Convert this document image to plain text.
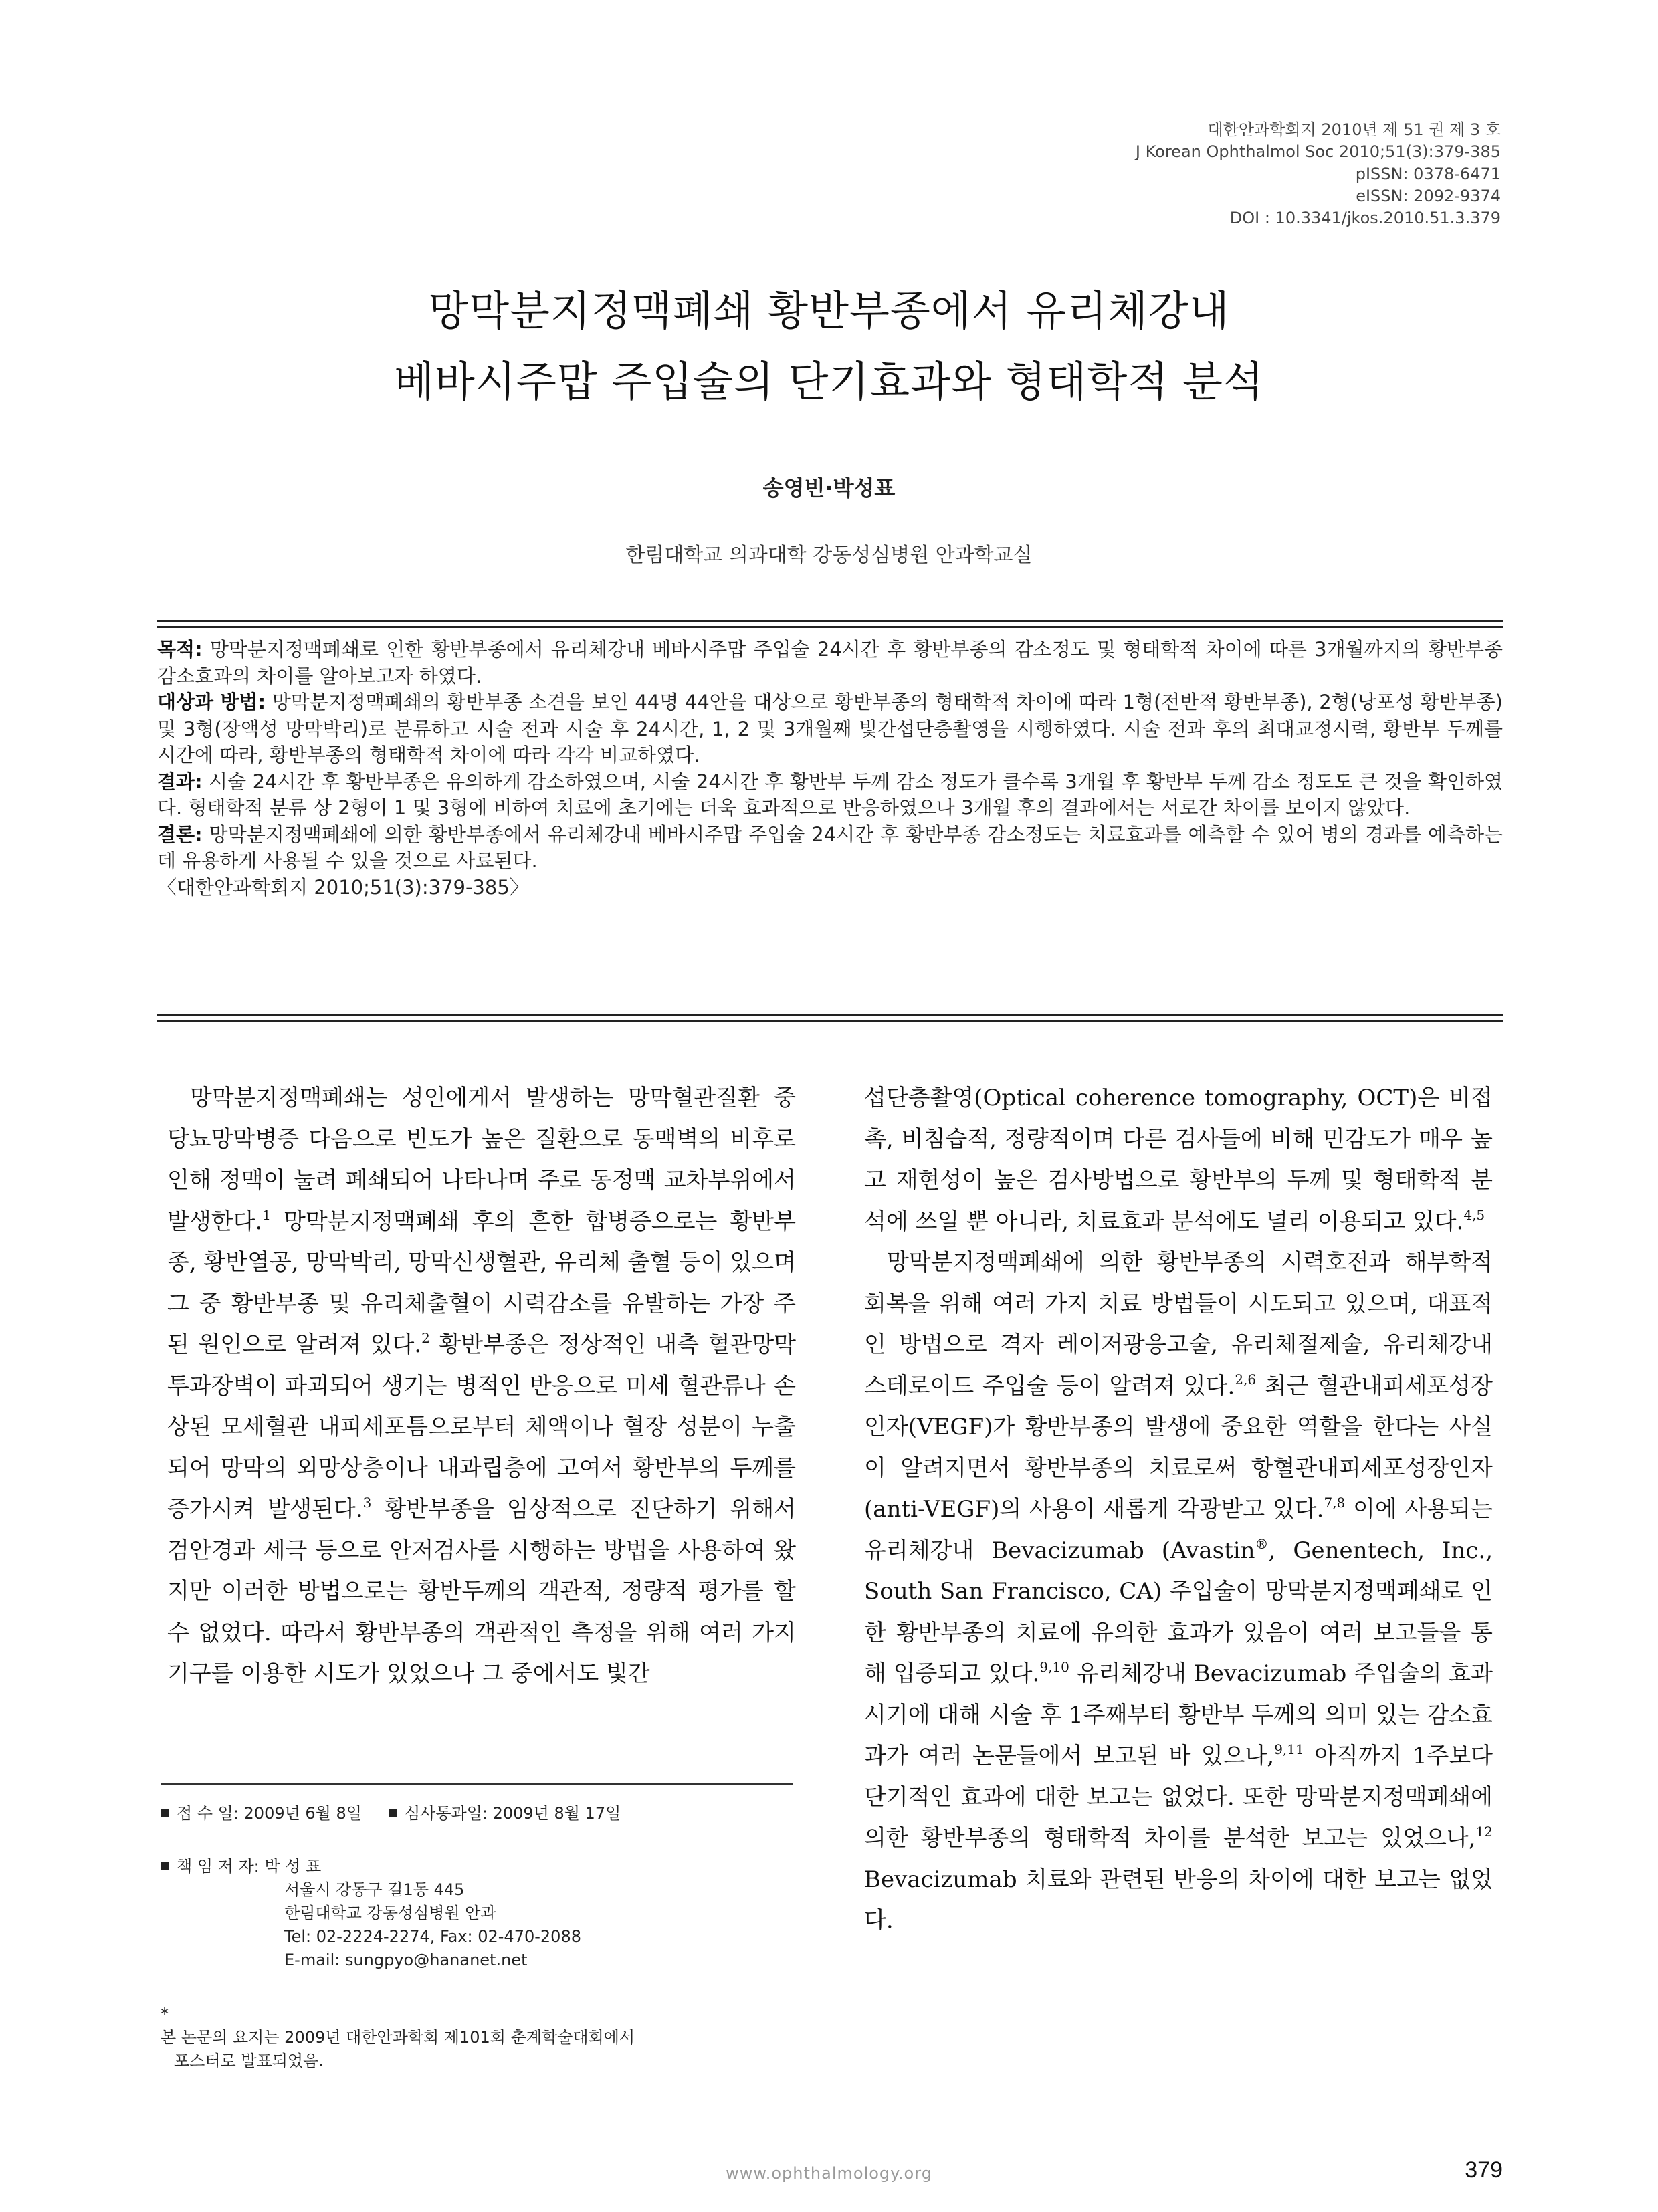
대한안과학회지 2010년 제 51 권 제 3 호
J Korean Ophthalmol Soc 2010;51(3):379-385
pISSN: 0378-6471
eISSN: 2092-9374
DOI : 10.3341/jkos.2010.51.3.379
망막분지정맥폐쇄 황반부종에서 유리체강내
베바시주맙 주입술의 단기효과와 형태학적 분석
송영빈·박성표
한림대학교 의과대학 강동성심병원 안과학교실

목적: 망막분지정맥폐쇄로 인한 황반부종에서 유리체강내 베바시주맙 주입술 24시간 후 황반부종의 감소정도 및 형태학적 차이에 따른 3개월까지의 황반부종 감소효과의 차이를 알아보고자 하였다.

대상과 방법: 망막분지정맥폐쇄의 황반부종 소견을 보인 44명 44안을 대상으로 황반부종의 형태학적 차이에 따라 1형(전반적 황반부종), 2형(낭포성 황반부종) 및 3형(장액성 망막박리)로 분류하고 시술 전과 시술 후 24시간, 1, 2 및 3개월째 빛간섭단층촬영을 시행하였다. 시술 전과 후의 최대교정시력, 황반부 두께를 시간에 따라, 황반부종의 형태학적 차이에 따라 각각 비교하였다.

결과: 시술 24시간 후 황반부종은 유의하게 감소하였으며, 시술 24시간 후 황반부 두께 감소 정도가 클수록 3개월 후 황반부 두께 감소 정도도 큰 것을 확인하였다. 형태학적 분류 상 2형이 1 및 3형에 비하여 치료에 초기에는 더욱 효과적으로 반응하였으나 3개월 후의 결과에서는 서로간 차이를 보이지 않았다.

결론: 망막분지정맥폐쇄에 의한 황반부종에서 유리체강내 베바시주맙 주입술 24시간 후 황반부종 감소정도는 치료효과를 예측할 수 있어 병의 경과를 예측하는데 유용하게 사용될 수 있을 것으로 사료된다.

〈대한안과학회지 2010;51(3):379-385〉

망막분지정맥폐쇄는 성인에게서 발생하는 망막혈관질환 중 당뇨망막병증 다음으로 빈도가 높은 질환으로 동맥벽의 비후로 인해 정맥이 눌려 폐쇄되어 나타나며 주로 동정맥 교차부위에서 발생한다.$^1$ 망막분지정맥폐쇄 후의 흔한 합병증으로는 황반부종, 황반열공, 망막박리, 망막신생혈관, 유리체 출혈 등이 있으며 그 중 황반부종 및 유리체출혈이 시력감소를 유발하는 가장 주된 원인으로 알려져 있다.$^2$ 황반부종은 정상적인 내측 혈관망막투과장벽이 파괴되어 생기는 병적인 반응으로 미세 혈관류나 손상된 모세혈관 내피세포틈으로부터 체액이나 혈장 성분이 누출되어 망막의 외망상층이나 내과립층에 고여서 황반부의 두께를 증가시켜 발생된다.$^3$ 황반부종을 임상적으로 진단하기 위해서 검안경과 세극 등으로 안저검사를 시행하는 방법을 사용하여 왔지만 이러한 방법으로는 황반두께의 객관적, 정량적 평가를 할 수 없었다. 따라서 황반부종의 객관적인 측정을 위해 여러 가지 기구를 이용한 시도가 있었으나 그 중에서도 빛간

섭단층촬영(Optical coherence tomography, OCT)은 비접촉, 비침습적, 정량적이며 다른 검사들에 비해 민감도가 매우 높고 재현성이 높은 검사방법으로 황반부의 두께 및 형태학적 분석에 쓰일 뿐 아니라, 치료효과 분석에도 널리 이용되고 있다.$^{4,5}$

망막분지정맥폐쇄에 의한 황반부종의 시력호전과 해부학적 회복을 위해 여러 가지 치료 방법들이 시도되고 있으며, 대표적인 방법으로 격자 레이저광응고술, 유리체절제술, 유리체강내 스테로이드 주입술 등이 알려져 있다.$^{2,6}$ 최근 혈관내피세포성장인자(VEGF)가 황반부종의 발생에 중요한 역할을 한다는 사실이 알려지면서 황반부종의 치료로써 항혈관내피세포성장인자(anti-VEGF)의 사용이 새롭게 각광받고 있다.$^{7,8}$ 이에 사용되는 유리체강내 Bevacizumab (Avastin®, Genentech, Inc., South San Francisco, CA) 주입술이 망막분지정맥폐쇄로 인한 황반부종의 치료에 유의한 효과가 있음이 여러 보고들을 통해 입증되고 있다.$^{9,10}$ 유리체강내 Bevacizumab 주입술의 효과시기에 대해 시술 후 1주째부터 황반부 두께의 의미 있는 감소효과가 여러 논문들에서 보고된 바 있으나,$^{9,11}$ 아직까지 1주보다 단기적인 효과에 대한 보고는 없었다. 또한 망막분지정맥폐쇄에 의한 황반부종의 형태학적 차이를 분석한 보고는 있었으나,$^{12}$ Bevacizumab 치료와 관련된 반응의 차이에 대한 보고는 없었다.

접 수 일: 2009년 6월 8일	심사통과일: 2009년 8월 17일
책 임 저 자: 박 성 표
서울시 강동구 길1동 445
한림대학교 강동성심병원 안과
Tel: 02-2224-2274, Fax: 02-470-2088
E-mail: sungpyo@hananet.net
*
본 논문의 요지는 2009년 대한안과학회 제101회 춘계학술대회에서
포스터로 발표되었음.
www.ophthalmology.org	379
